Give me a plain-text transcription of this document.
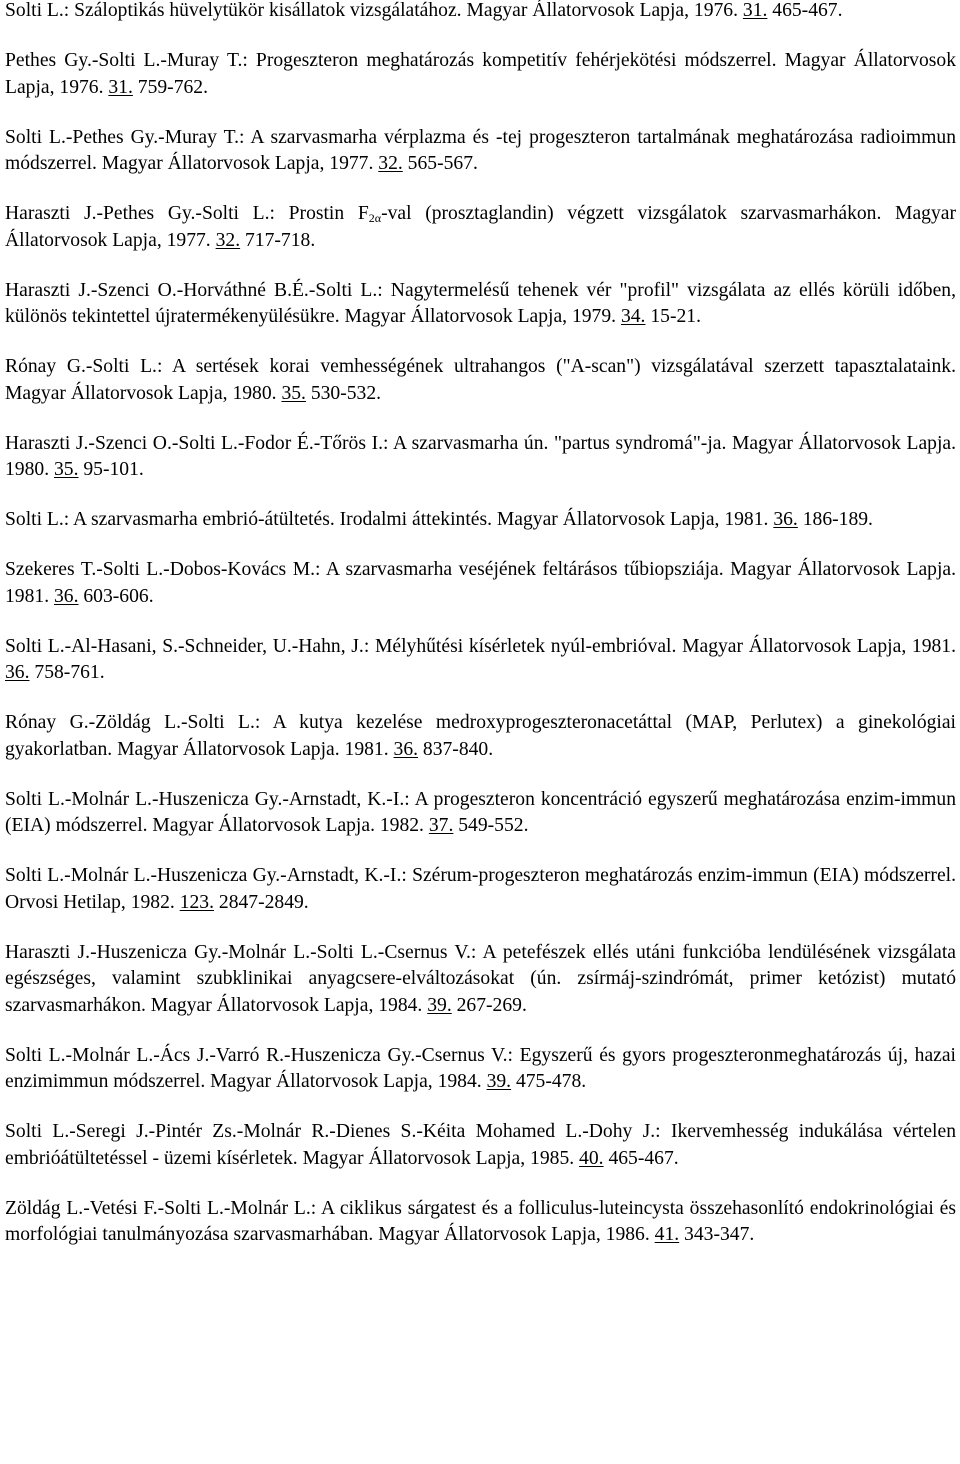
Solti L.: Száloptikás hüvelytükör kisállatok vizsgálatához. Magyar Állatorvosok Lapja, 1976. 31. 465-467.

Pethes Gy.-Solti L.-Muray T.: Progeszteron meghatározás kompetitív fehérjekötési módszerrel. Magyar Állatorvosok Lapja, 1976. 31. 759-762.

Solti L.-Pethes Gy.-Muray T.: A szarvasmarha vérplazma és -tej progeszteron tartalmának meghatározása radioimmun módszerrel. Magyar Állatorvosok Lapja, 1977. 32. 565-567.

Haraszti J.-Pethes Gy.-Solti L.: Prostin $F_{2\alpha}$-val (prosztaglandin) végzett vizsgálatok szarvasmarhákon. Magyar Állatorvosok Lapja, 1977. 32. 717-718.

Haraszti J.-Szenci O.-Horváthné B.É.-Solti L.: Nagytermelésű tehenek vér "profil" vizsgálata az ellés körüli időben, különös tekintettel újratermékenyülésükre. Magyar Állatorvosok Lapja, 1979. 34. 15-21.

Rónay G.-Solti L.: A sertések korai vemhességének ultrahangos ("A-scan") vizsgálatával szerzett tapasztalataink. Magyar Állatorvosok Lapja, 1980. 35. 530-532.

Haraszti J.-Szenci O.-Solti L.-Fodor É.-Tőrös I.: A szarvasmarha ún. "partus syndromá"-ja. Magyar Állatorvosok Lapja. 1980. 35. 95-101.

Solti L.: A szarvasmarha embrió-átültetés. Irodalmi áttekintés. Magyar Állatorvosok Lapja, 1981. 36. 186-189.

Szekeres T.-Solti L.-Dobos-Kovács M.: A szarvasmarha veséjének feltárásos tűbiopsziája. Magyar Állatorvosok Lapja. 1981. 36. 603-606.

Solti L.-Al-Hasani, S.-Schneider, U.-Hahn, J.: Mélyhűtési kísérletek nyúl-embrióval. Magyar Állatorvosok Lapja, 1981. 36. 758-761.

Rónay G.-Zöldág L.-Solti L.: A kutya kezelése medroxyprogeszteronacetáttal (MAP, Perlutex) a ginekológiai gyakorlatban. Magyar Állatorvosok Lapja. 1981. 36. 837-840.

Solti L.-Molnár L.-Huszenicza Gy.-Arnstadt, K.-I.: A progeszteron koncentráció egyszerű meghatározása enzim-immun (EIA) módszerrel. Magyar Állatorvosok Lapja. 1982. 37. 549-552.

Solti L.-Molnár L.-Huszenicza Gy.-Arnstadt, K.-I.: Szérum-progeszteron meghatározás enzim-immun (EIA) módszerrel. Orvosi Hetilap, 1982. 123. 2847-2849.

Haraszti J.-Huszenicza Gy.-Molnár L.-Solti L.-Csernus V.: A petefészek ellés utáni funkcióba lendülésének vizsgálata egészséges, valamint szubklinikai anyagcsere-elváltozásokat (ún. zsírmáj-szindrómát, primer ketózist) mutató szarvasmarhákon. Magyar Állatorvosok Lapja, 1984. 39. 267-269.

Solti L.-Molnár L.-Ács J.-Varró R.-Huszenicza Gy.-Csernus V.: Egyszerű és gyors progeszteronmeghatározás új, hazai enzimimmun módszerrel. Magyar Állatorvosok Lapja, 1984. 39. 475-478.

Solti L.-Seregi J.-Pintér Zs.-Molnár R.-Dienes S.-Kéita Mohamed L.-Dohy J.: Ikervemhesség indukálása vértelen embrióátültetéssel - üzemi kísérletek. Magyar Állatorvosok Lapja, 1985. 40. 465-467.

Zöldág L.-Vetési F.-Solti L.-Molnár L.: A ciklikus sárgatest és a folliculus-luteincysta összehasonlító endokrinológiai és morfológiai tanulmányozása szarvasmarhában. Magyar Állatorvosok Lapja, 1986. 41. 343-347.
